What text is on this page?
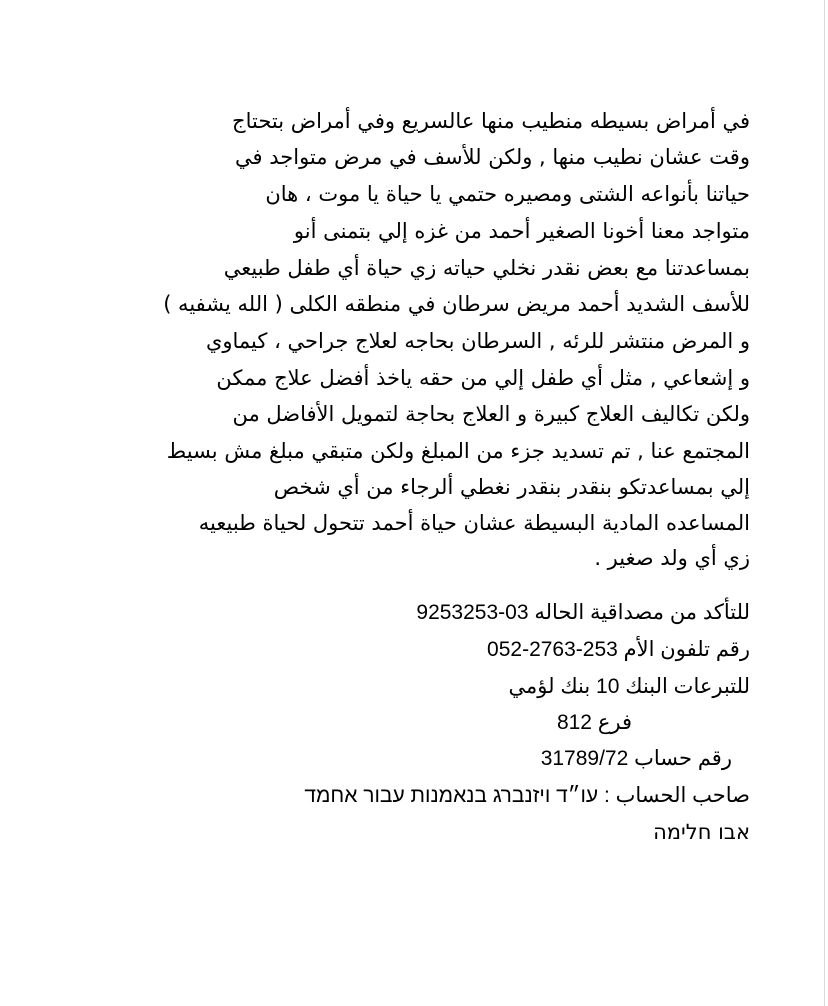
في أمراض بسيطه منطيب منها عالسريع وفي أمراض بتحتاج
وقت عشان نطيب منها , ولكن للأسف في مرض متواجد في
حياتنا بأنواعه الشتى ومصيره حتمي يا حياة يا موت ، هان
متواجد معنا أخونا الصغير أحمد من غزه إلي بتمنى أنو
بمساعدتنا مع بعض نقدر نخلي حياته زي حياة أي طفل طبيعي
للأسف الشديد أحمد مريض سرطان في منطقه الكلى ( الله يشفيه )
و المرض منتشر للرئه , السرطان بحاجه لعلاج جراحي ، كيماوي
و إشعاعي , مثل أي طفل إلي من حقه ياخذ أفضل علاج ممكن
ولكن تكاليف العلاج كبيرة و العلاج بحاجة لتمويل الأفاضل من
المجتمع عنا , تم تسديد جزء من المبلغ ولكن متبقي مبلغ مش بسيط
إلي بمساعدتكو بنقدر بنقدر نغطي ألرجاء من أي شخص
المساعده المادية البسيطة عشان حياة أحمد تتحول لحياة طبيعيه
زي أي ولد صغير .
للتأكد من مصداقية الحاله 03-9253253
رقم تلفون الأم 253-2763-052
للتبرعات البنك 10 بنك لؤمي
فرع 812
رقم حساب 31789/72
صاحب الحساب : עו״ד ויזנברג בנאמנות עבור אחמד
אבו חלימה
